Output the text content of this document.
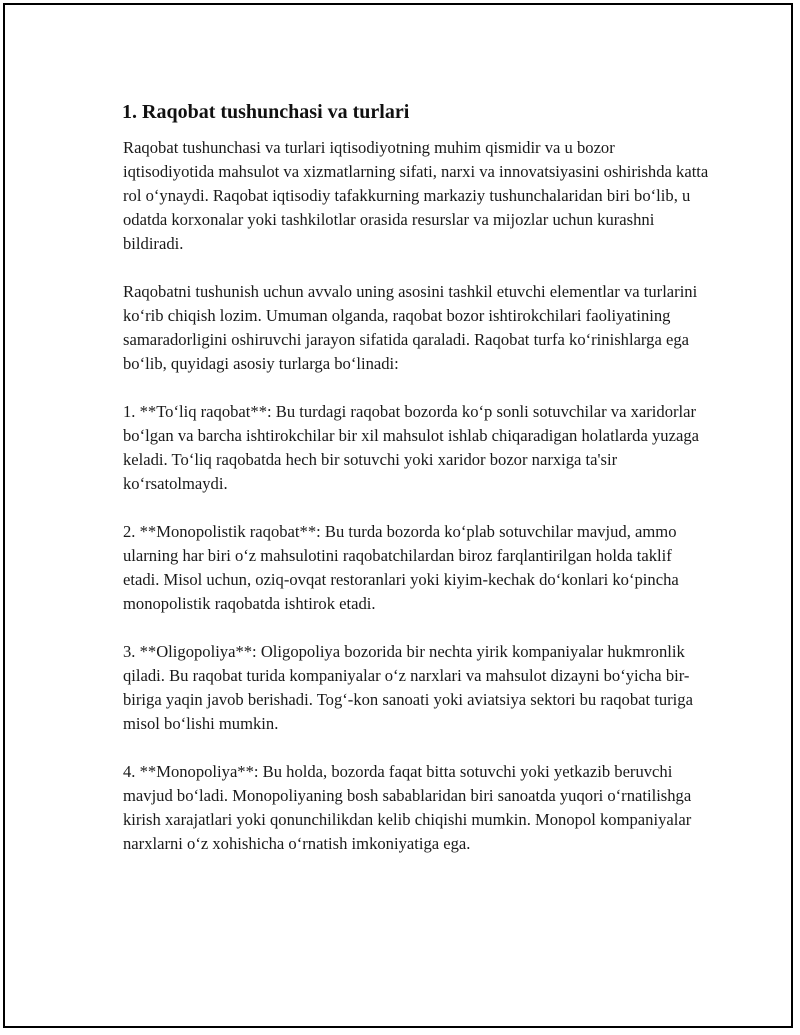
1. Raqobat tushunchasi va turlari

Raqobat tushunchasi va turlari iqtisodiyotning muhim qismidir va u bozor iqtisodiyotida mahsulot va xizmatlarning sifati, narxi va innovatsiyasini oshirishda katta rol o‘ynaydi. Raqobat iqtisodiy tafakkurning markaziy tushunchalaridan biri bo‘lib, u odatda korxonalar yoki tashkilotlar orasida resurslar va mijozlar uchun kurashni bildiradi.

Raqobatni tushunish uchun avvalo uning asosini tashkil etuvchi elementlar va turlarini ko‘rib chiqish lozim. Umuman olganda, raqobat bozor ishtirokchilari faoliyatining samaradorligini oshiruvchi jarayon sifatida qaraladi. Raqobat turfa ko‘rinishlarga ega bo‘lib, quyidagi asosiy turlarga bo‘linadi:

1. **To‘liq raqobat**: Bu turdagi raqobat bozorda ko‘p sonli sotuvchilar va xaridorlar bo‘lgan va barcha ishtirokchilar bir xil mahsulot ishlab chiqaradigan holatlarda yuzaga keladi. To‘liq raqobatda hech bir sotuvchi yoki xaridor bozor narxiga ta'sir ko‘rsatolmaydi.

2. **Monopolistik raqobat**: Bu turda bozorda ko‘plab sotuvchilar mavjud, ammo ularning har biri o‘z mahsulotini raqobatchilardan biroz farqlantirilgan holda taklif etadi. Misol uchun, oziq-ovqat restoranlari yoki kiyim-kechak do‘konlari ko‘pincha monopolistik raqobatda ishtirok etadi.

3. **Oligopoliya**: Oligopoliya bozorida bir nechta yirik kompaniyalar hukmronlik qiladi. Bu raqobat turida kompaniyalar o‘z narxlari va mahsulot dizayni bo‘yicha bir-biriga yaqin javob berishadi. Tog‘-kon sanoati yoki aviatsiya sektori bu raqobat turiga misol bo‘lishi mumkin.

4. **Monopoliya**: Bu holda, bozorda faqat bitta sotuvchi yoki yetkazib beruvchi mavjud bo‘ladi. Monopoliyaning bosh sabablaridan biri sanoatda yuqori o‘rnatilishga kirish xarajatlari yoki qonunchilikdan kelib chiqishi mumkin. Monopol kompaniyalar narxlarni o‘z xohishicha o‘rnatish imkoniyatiga ega.
